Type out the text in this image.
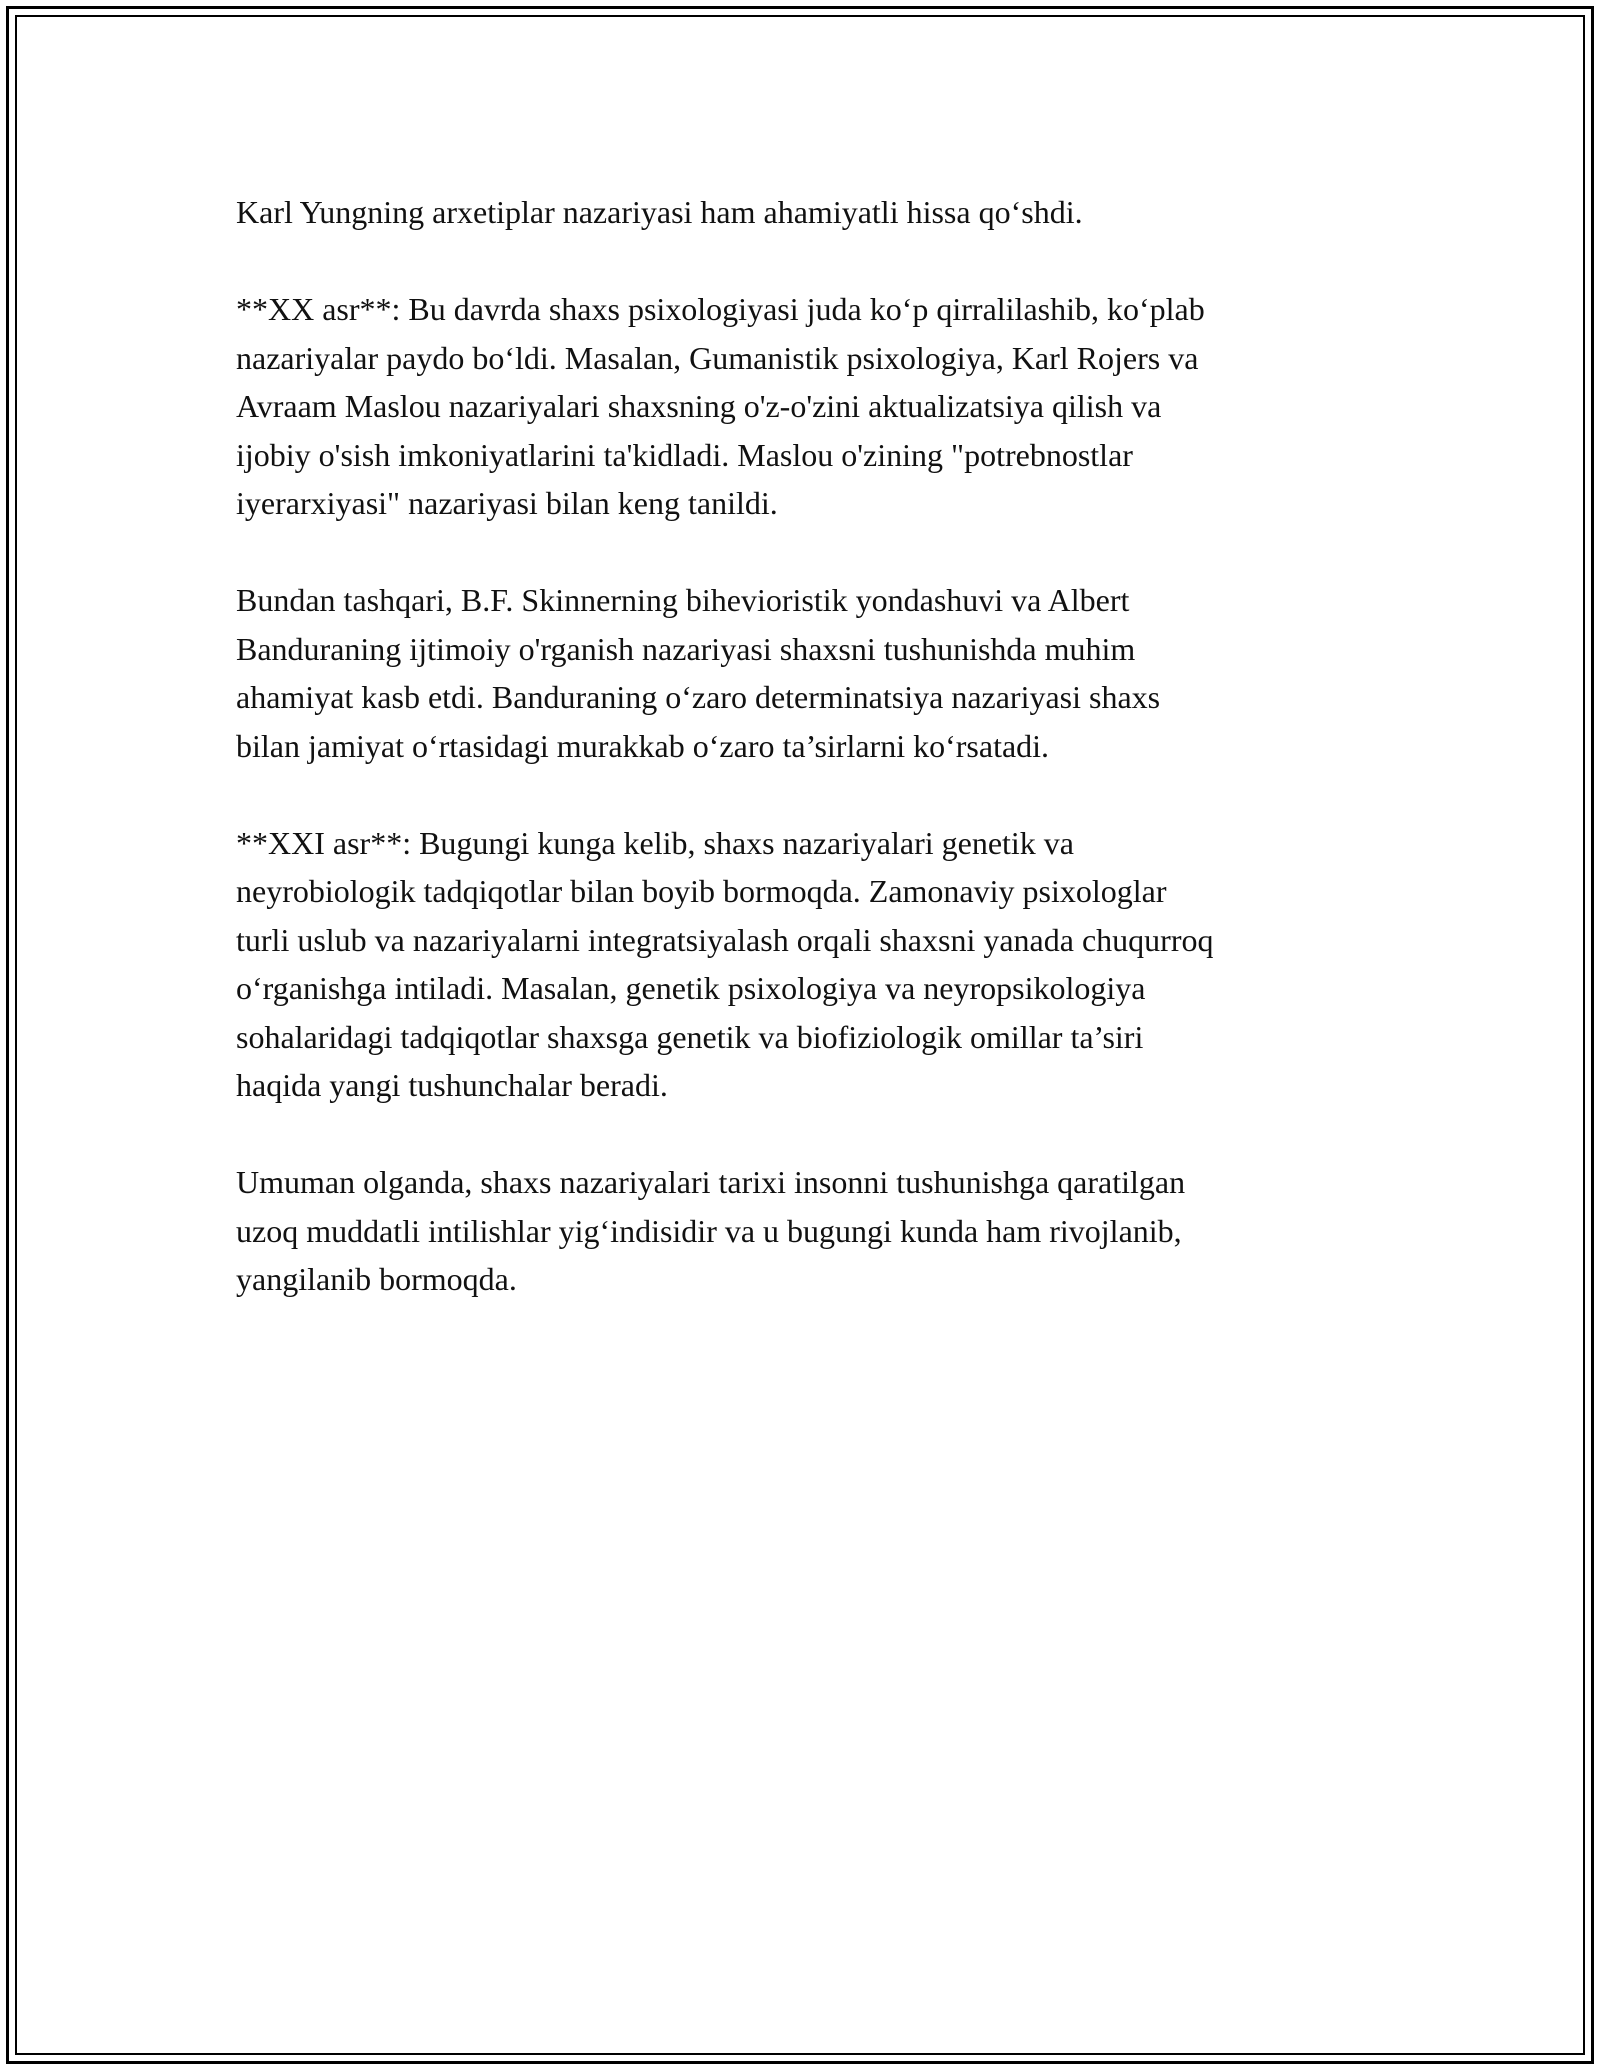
Karl Yungning arxetiplar nazariyasi ham ahamiyatli hissa qo‘shdi.

**XX asr**: Bu davrda shaxs psixologiyasi juda ko‘p qirralilashib, ko‘plab
nazariyalar paydo bo‘ldi. Masalan, Gumanistik psixologiya, Karl Rojers va
Avraam Maslou nazariyalari shaxsning o'z-o'zini aktualizatsiya qilish va
ijobiy o'sish imkoniyatlarini ta'kidladi. Maslou o'zining "potrebnostlar
iyerarxiyasi" nazariyasi bilan keng tanildi.

Bundan tashqari, B.F. Skinnerning bihevioristik yondashuvi va Albert
Banduraning ijtimoiy o'rganish nazariyasi shaxsni tushunishda muhim
ahamiyat kasb etdi. Banduraning o‘zaro determinatsiya nazariyasi shaxs
bilan jamiyat o‘rtasidagi murakkab o‘zaro ta’sirlarni ko‘rsatadi.

**XXI asr**: Bugungi kunga kelib, shaxs nazariyalari genetik va
neyrobiologik tadqiqotlar bilan boyib bormoqda. Zamonaviy psixologlar
turli uslub va nazariyalarni integratsiyalash orqali shaxsni yanada chuqurroq
o‘rganishga intiladi. Masalan, genetik psixologiya va neyropsikologiya
sohalaridagi tadqiqotlar shaxsga genetik va biofiziologik omillar ta’siri
haqida yangi tushunchalar beradi.

Umuman olganda, shaxs nazariyalari tarixi insonni tushunishga qaratilgan
uzoq muddatli intilishlar yig‘indisidir va u bugungi kunda ham rivojlanib,
yangilanib bormoqda.
